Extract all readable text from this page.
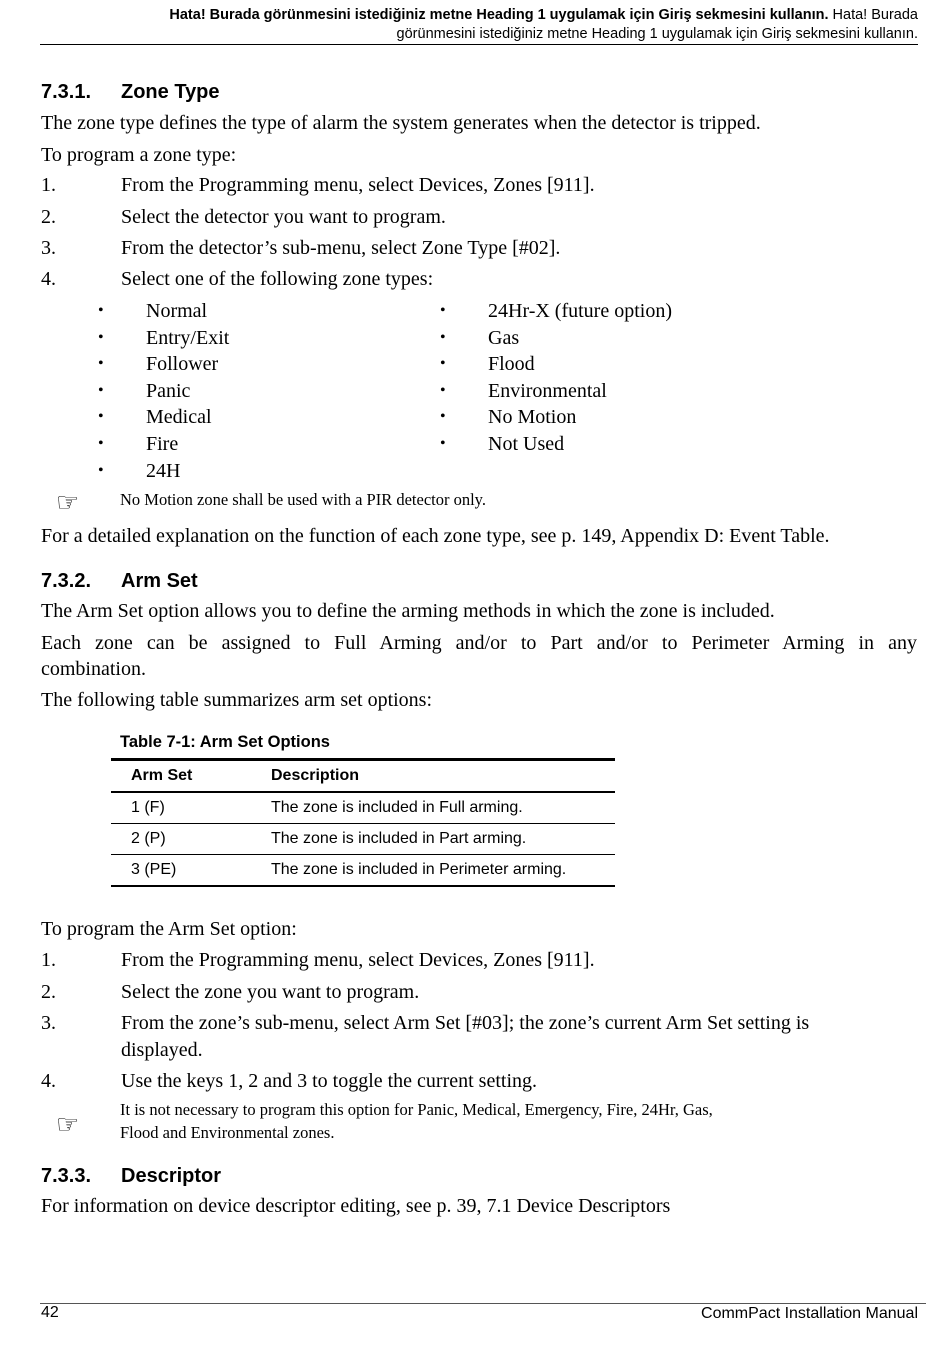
Hata! Burada görünmesini istediğiniz metne Heading 1 uygulamak için Giriş sekmesini kullanın. Hata! Burada
görünmesini istediğiniz metne Heading 1 uygulamak için Giriş sekmesini kullanın.
7.3.1. Zone Type
The zone type defines the type of alarm the system generates when the detector is tripped.
To program a zone type:
1.	From the Programming menu, select Devices, Zones [911].
2.	Select the detector you want to program.
3.	From the detector’s sub-menu, select Zone Type [#02].
4.	Select one of the following zone types:
• Normal
• Entry/Exit
• Follower
• Panic
• Medical
• Fire
• 24H
• 24Hr-X (future option)
• Gas
• Flood
• Environmental
• No Motion
• Not Used
☞ No Motion zone shall be used with a PIR detector only.
For a detailed explanation on the function of each zone type, see p. 149, Appendix D: Event Table.
7.3.2. Arm Set
The Arm Set option allows you to define the arming methods in which the zone is included.
Each zone can be assigned to Full Arming and/or to Part and/or to Perimeter Arming in any
combination.
The following table summarizes arm set options:
Table 7-1: Arm Set Options
Arm Set	Description
1 (F)	The zone is included in Full arming.
2 (P)	The zone is included in Part arming.
3 (PE)	The zone is included in Perimeter arming.
To program the Arm Set option:
1.	From the Programming menu, select Devices, Zones [911].
2.	Select the zone you want to program.
3.	From the zone’s sub-menu, select Arm Set [#03]; the zone’s current Arm Set setting is
displayed.
4.	Use the keys 1, 2 and 3 to toggle the current setting.
☞
It is not necessary to program this option for Panic, Medical, Emergency, Fire, 24Hr, Gas,
Flood and Environmental zones.
7.3.3. Descriptor
For information on device descriptor editing, see p. 39, 7.1 Device Descriptors
42	CommPact Installation Manual
